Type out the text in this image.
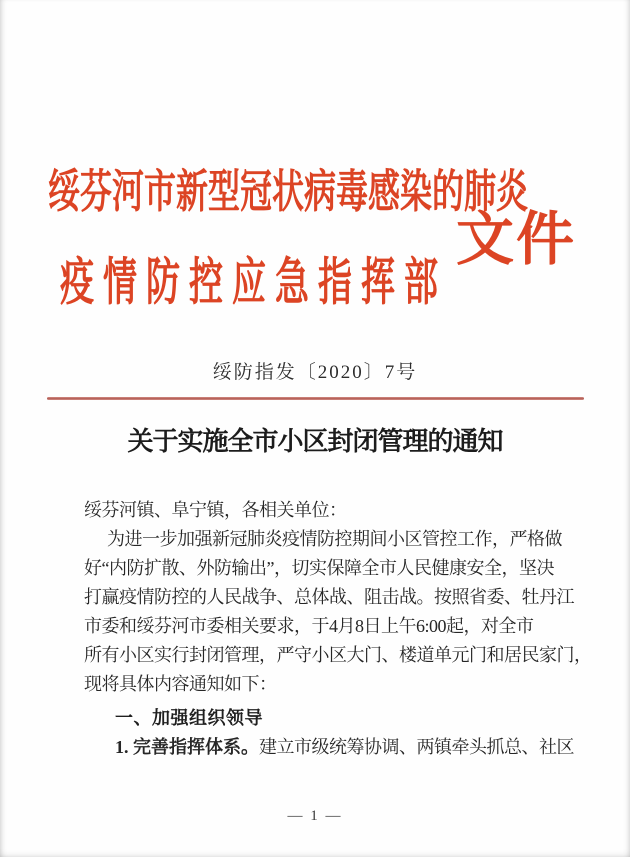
绥芬河市新型冠状病毒感染的肺炎
疫情防控应急指挥部
文件
绥防指发〔2020〕7号
关于实施全市小区封闭管理的通知
绥芬河镇、阜宁镇，各相关单位：
为进一步加强新冠肺炎疫情防控期间小区管控工作，严格做
好“内防扩散、外防输出”，切实保障全市人民健康安全，坚决
打赢疫情防控的人民战争、总体战、阻击战。按照省委、牡丹江
市委和绥芬河市委相关要求，于4月8日上午6:00起，对全市
所有小区实行封闭管理，严守小区大门、楼道单元门和居民家门，
现将具体内容通知如下：
一、加强组织领导
1. 完善指挥体系。建立市级统筹协调、两镇牵头抓总、社区
— 1 —
